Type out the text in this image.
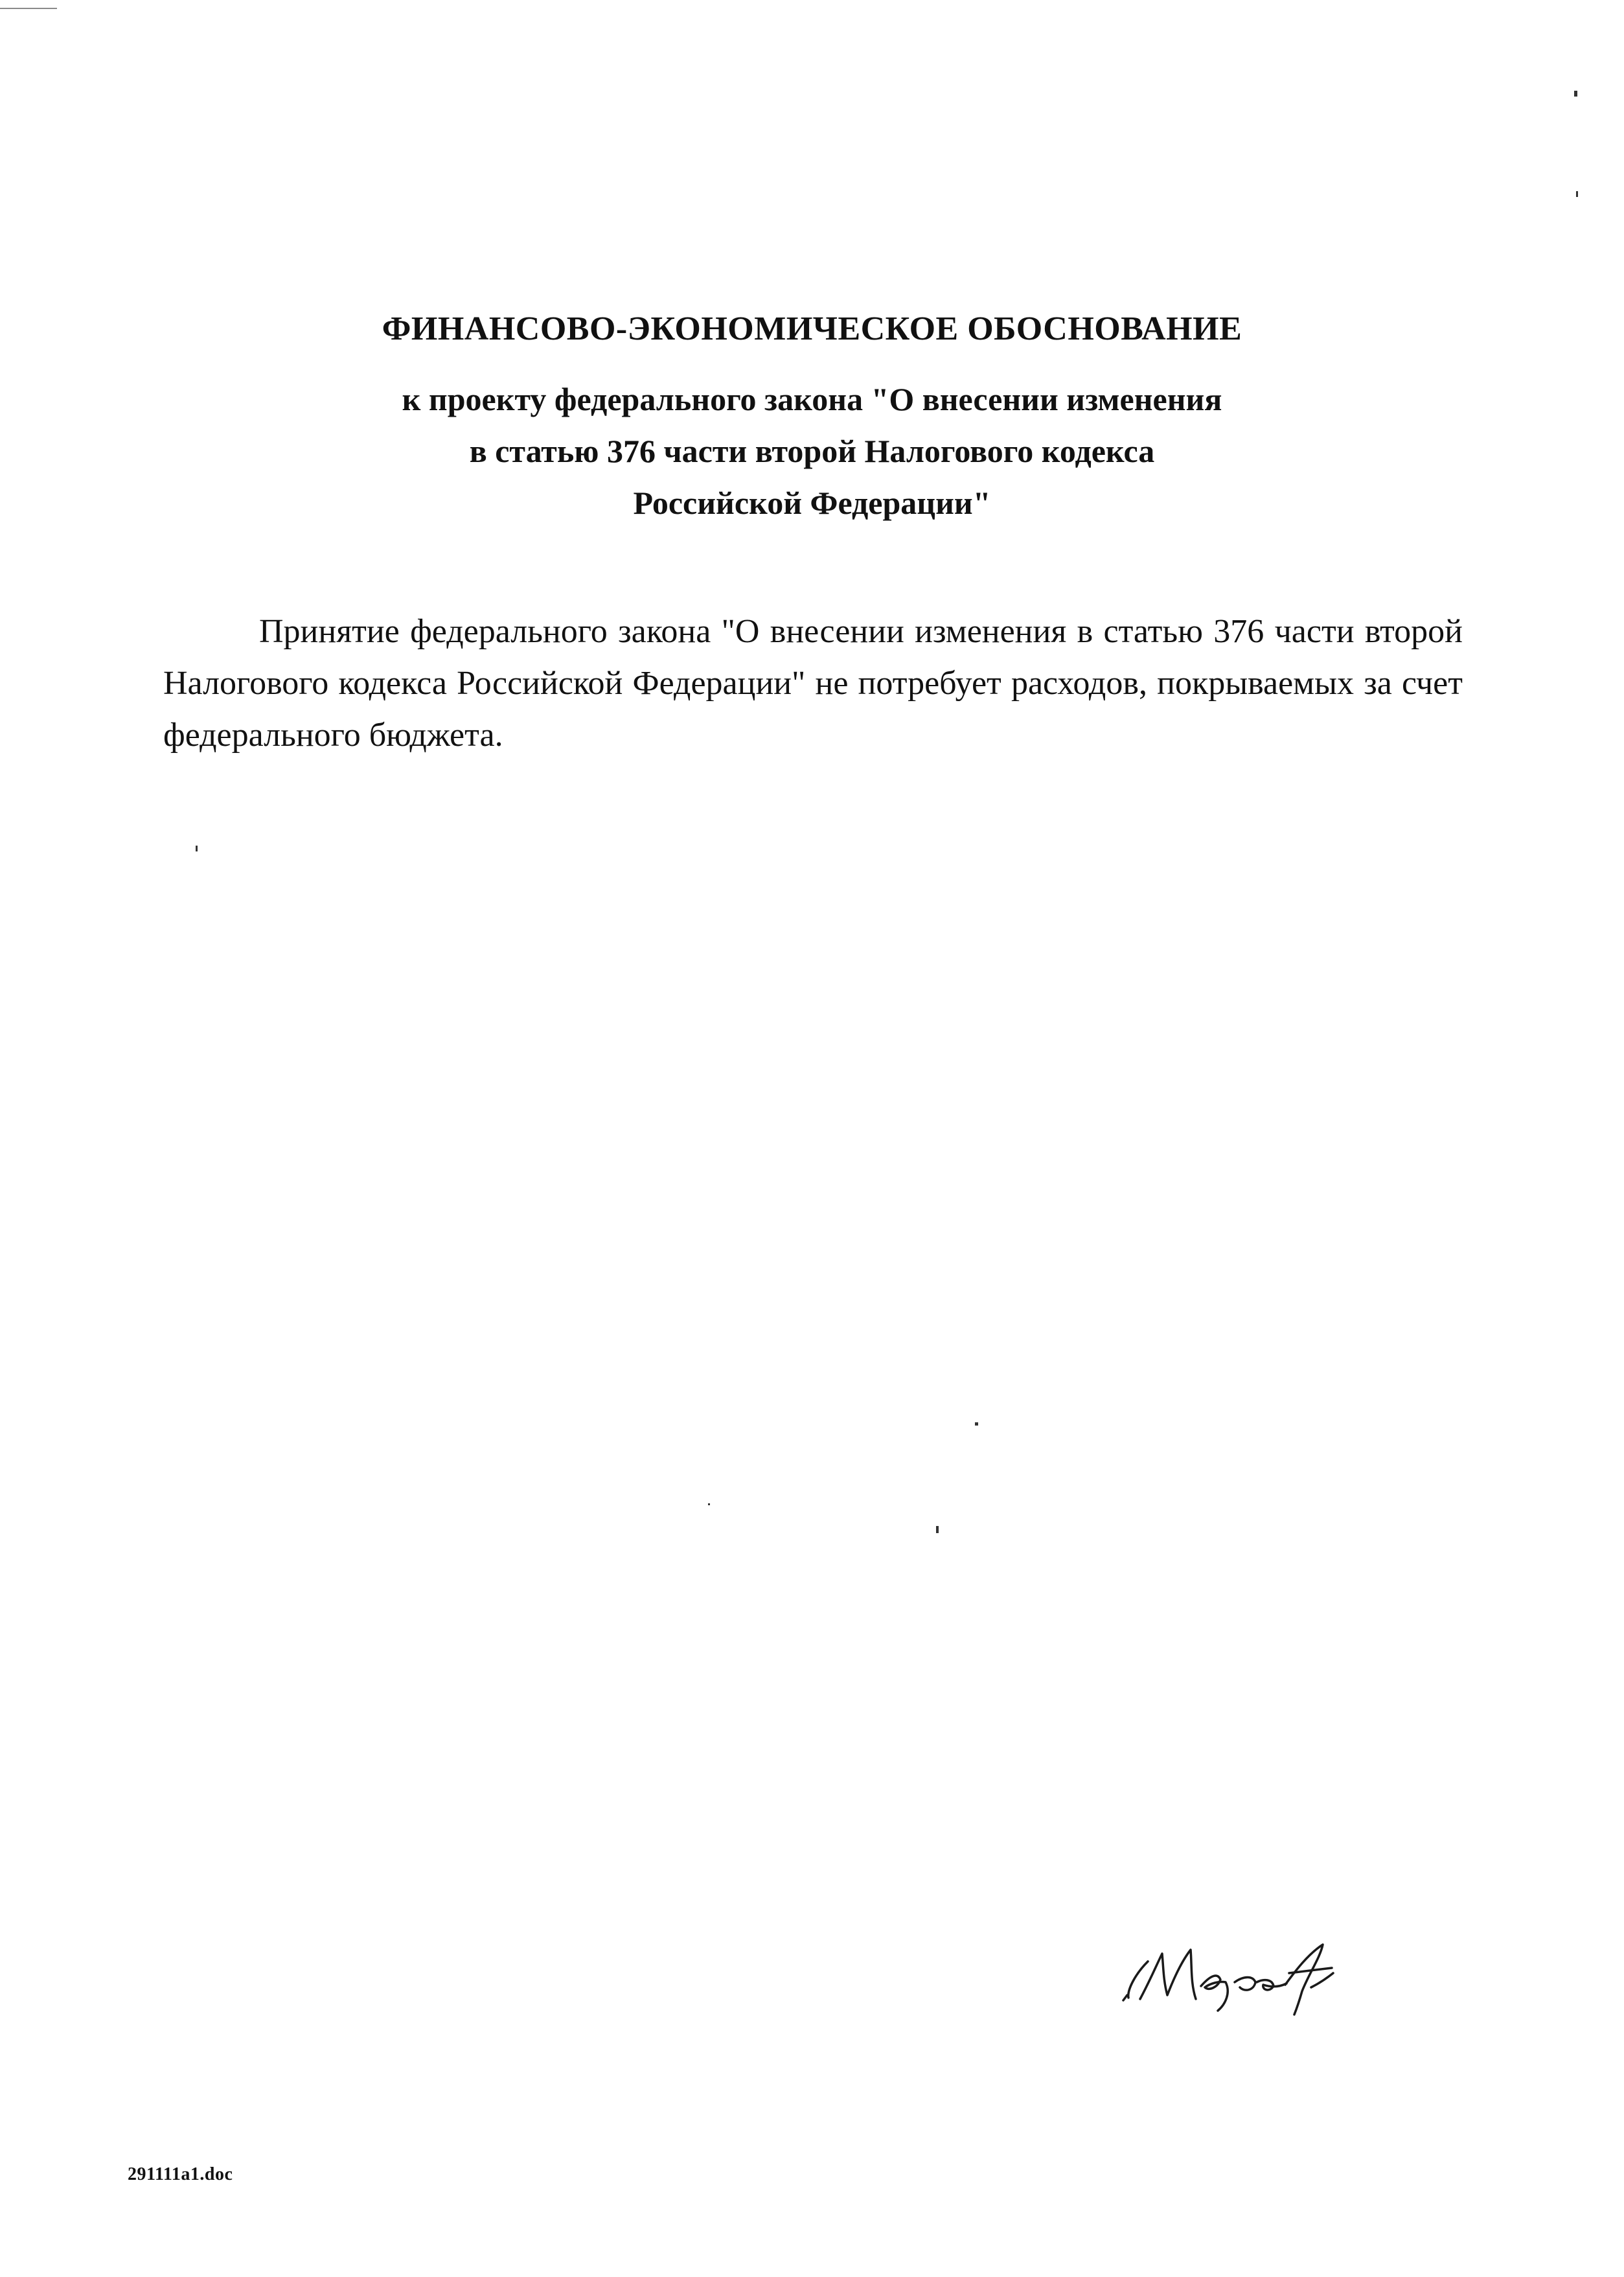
ФИНАНСОВО-ЭКОНОМИЧЕСКОЕ ОБОСНОВАНИЕ
к проекту федерального закона "О внесении изменения
в статью 376 части второй Налогового кодекса
Российской Федерации"
Принятие федерального закона "О внесении изменения в статью 376 части второй Налогового кодекса Российской Федерации" не потребует расходов, покрываемых за счет федерального бюджета.
291111a1.doc
